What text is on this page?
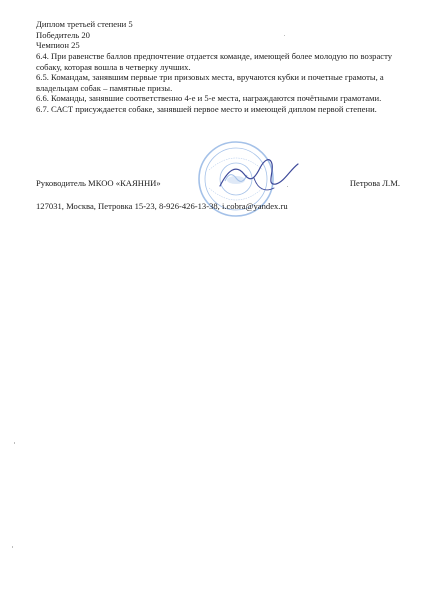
Диплом третьей степени 5
Победитель 20
Чемпион 25

6.4. При равенстве баллов предпочтение отдается команде, имеющей более молодую по возрасту собаку, которая вошла в четверку лучших.

6.5. Командам, занявшим первые три призовых места, вручаются кубки и почетные грамоты, а владельцам собак – памятные призы.

6.6. Команды, занявшие соответственно 4-е и 5-е места, награждаются почётными грамотами.

6.7. САСТ присуждается собаке, занявшей первое место и имеющей диплом первой степени.

Руководитель МКОО «КАЯННИ»	Петрова Л.М.
127031, Москва, Петровка 15-23, 8-926-426-13-38, i.cobra@yandex.ru
